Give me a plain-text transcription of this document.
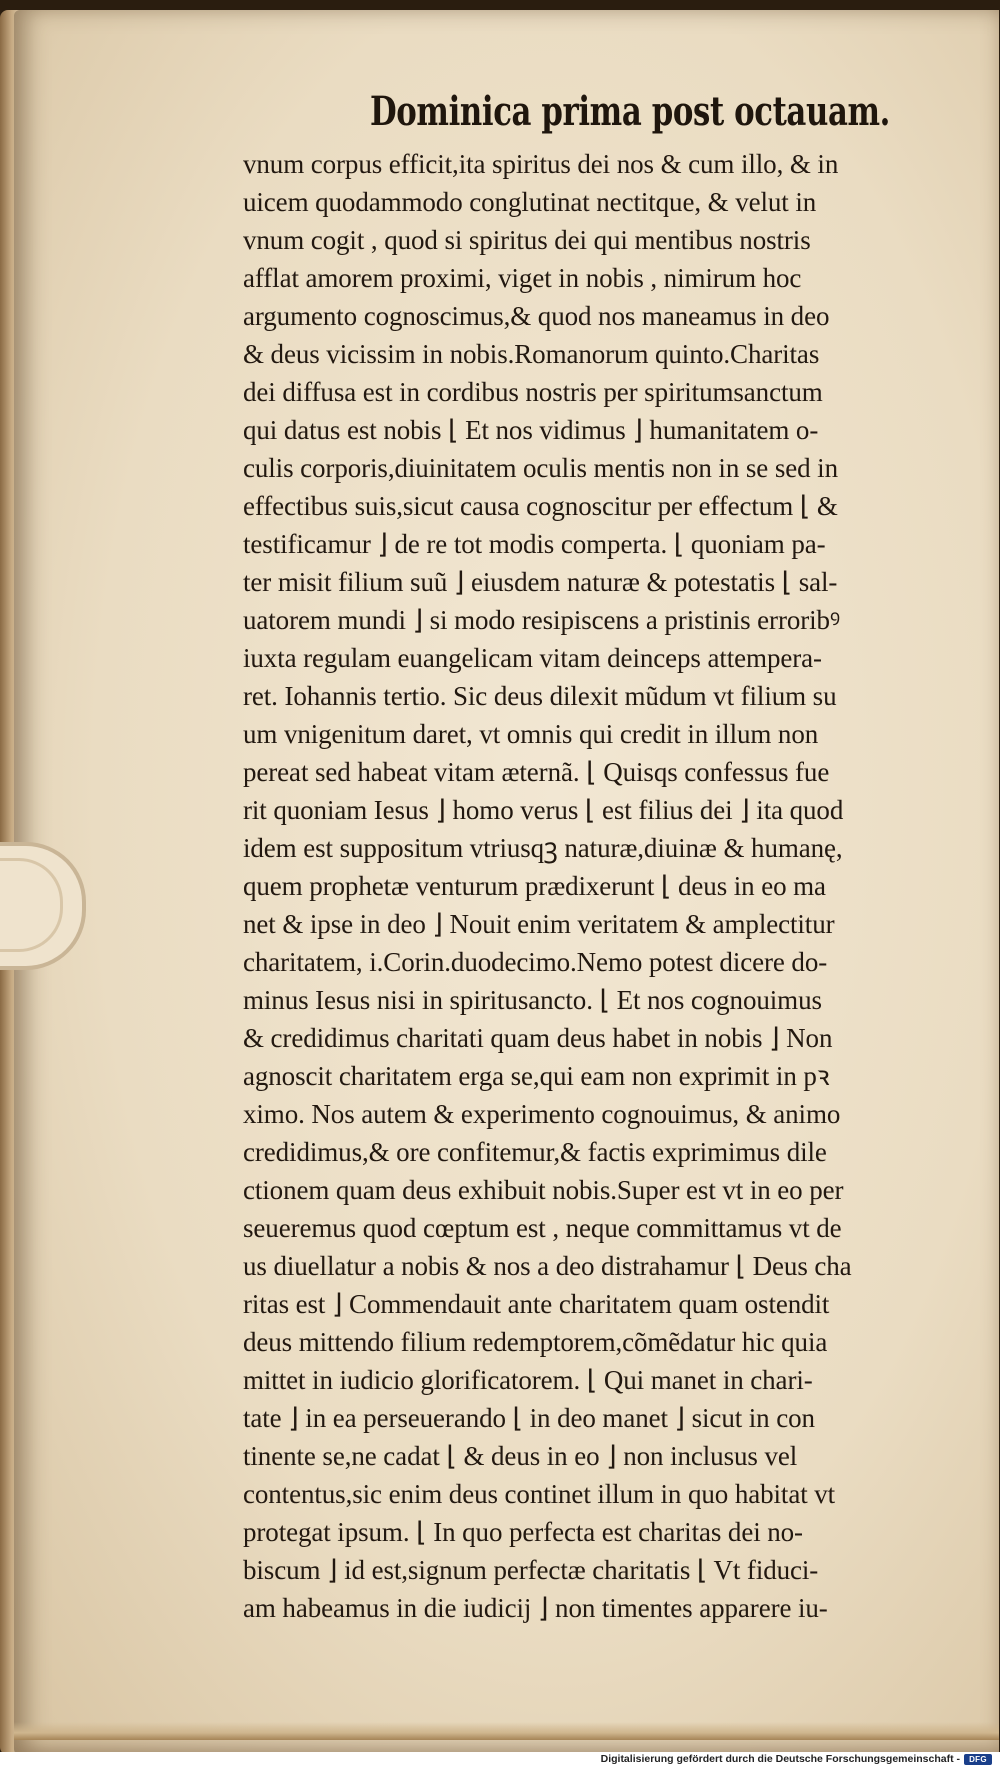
Dominica prima post octauam.
vnum corpus efficit,ita spiritus dei nos & cum illo, & in
uicem quodammodo conglutinat nectitque, & velut in
vnum cogit , quod si spiritus dei qui mentibus nostris
afflat amorem proximi, viget in nobis , nimirum hoc
argumento cognoscimus,& quod nos maneamus in deo
& deus vicissim in nobis.Romanorum quinto.Charitas
dei diffusa est in cordibus nostris per spiritumsanctum
qui datus est nobis ⌊ Et nos vidimus ⌋ humanitatem o-
culis corporis,diuinitatem oculis mentis non in se sed in
effectibus suis,sicut causa cognoscitur per effectum ⌊ &
testificamur ⌋ de re tot modis comperta. ⌊ quoniam pa-
ter misit filium suũ ⌋ eiusdem naturæ & potestatis ⌊ sal-
uatorem mundi ⌋ si modo resipiscens a pristinis erroribꝰ
iuxta regulam euangelicam vitam deinceps attempera-
ret. Iohannis tertio. Sic deus dilexit mũdum vt filium su
um vnigenitum daret, vt omnis qui credit in illum non
pereat sed habeat vitam æternã. ⌊ Quisqs confessus fue
rit quoniam Iesus ⌋ homo verus ⌊ est filius dei ⌋ ita quod
idem est suppositum vtriusqꝫ naturæ,diuinæ & humanę,
quem prophetæ venturum prædixerunt ⌊ deus in eo ma
net & ipse in deo ⌋ Nouit enim veritatem & amplectitur
charitatem, i.Corin.duodecimo.Nemo potest dicere do-
minus Iesus nisi in spiritusancto. ⌊ Et nos cognouimus
& credidimus charitati quam deus habet in nobis ⌋ Non
agnoscit charitatem erga se,qui eam non exprimit in pꝛ
ximo. Nos autem & experimento cognouimus, & animo
credidimus,& ore confitemur,& factis exprimimus dile
ctionem quam deus exhibuit nobis.Super est vt in eo per
seueremus quod cœptum est , neque committamus vt de
us diuellatur a nobis & nos a deo distrahamur ⌊ Deus cha
ritas est ⌋ Commendauit ante charitatem quam ostendit
deus mittendo filium redemptorem,cõmẽdatur hic quia
mittet in iudicio glorificatorem. ⌊ Qui manet in chari-
tate ⌋ in ea perseuerando ⌊ in deo manet ⌋ sicut in con
tinente se,ne cadat ⌊ & deus in eo ⌋ non inclusus vel
contentus,sic enim deus continet illum in quo habitat vt
protegat ipsum. ⌊ In quo perfecta est charitas dei no-
biscum ⌋ id est,signum perfectæ charitatis ⌊ Vt fiduci-
am habeamus in die iudicij ⌋ non timentes apparere iu-
Digitalisierung gefördert durch die Deutsche Forschungsgemeinschaft -	DFG
